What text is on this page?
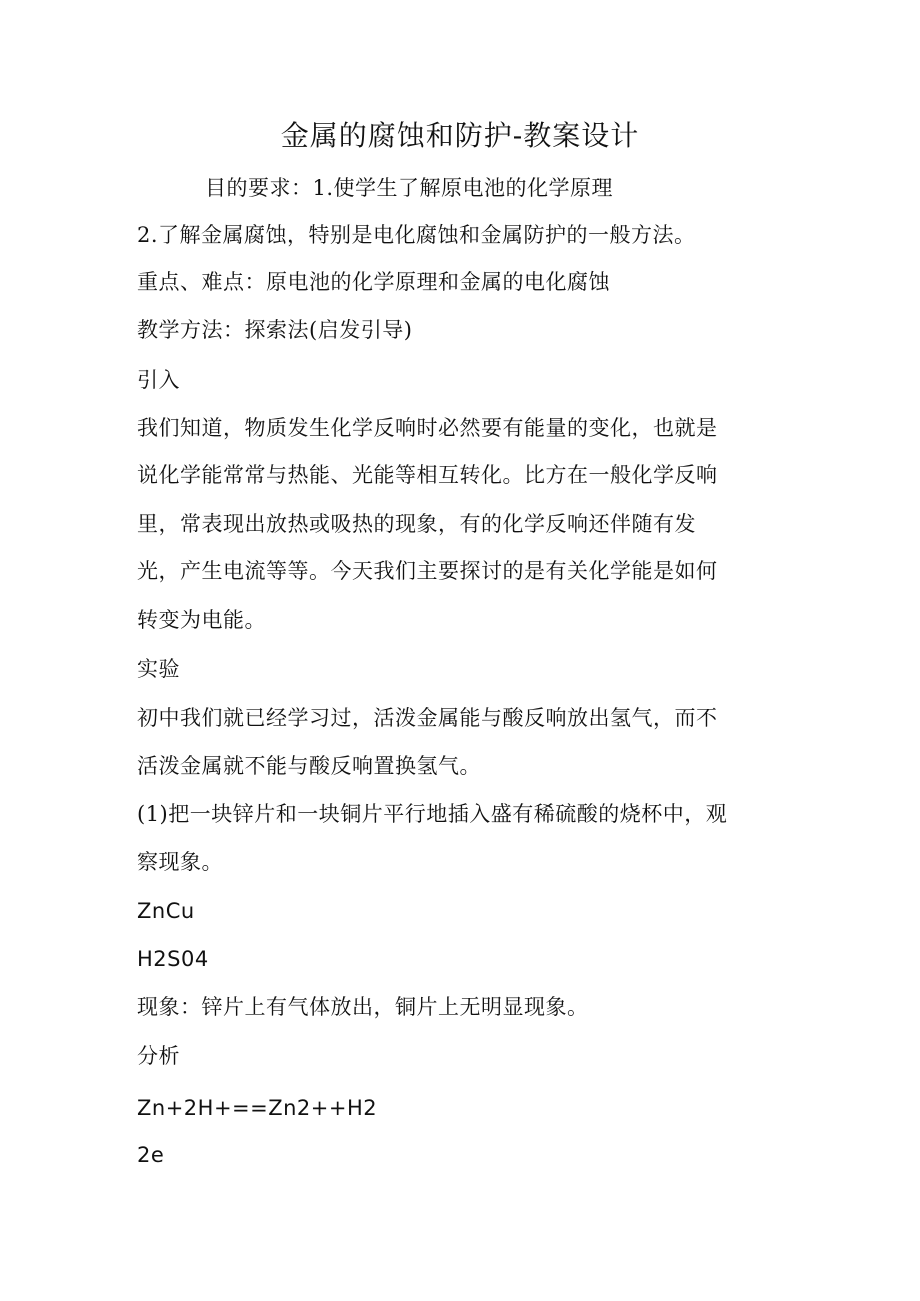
金属的腐蚀和防护-教案设计
目的要求：1.使学生了解原电池的化学原理
2.了解金属腐蚀，特别是电化腐蚀和金属防护的一般方法。
重点、难点：原电池的化学原理和金属的电化腐蚀
教学方法：探索法(启发引导)
引入
我们知道，物质发生化学反响时必然要有能量的变化，也就是
说化学能常常与热能、光能等相互转化。比方在一般化学反响
里，常表现出放热或吸热的现象，有的化学反响还伴随有发
光，产生电流等等。今天我们主要探讨的是有关化学能是如何
转变为电能。
实验
初中我们就已经学习过，活泼金属能与酸反响放出氢气，而不
活泼金属就不能与酸反响置换氢气。
(1)把一块锌片和一块铜片平行地插入盛有稀硫酸的烧杯中，观
察现象。
ZnCu
H2S04
现象：锌片上有气体放出，铜片上无明显现象。
分析
Zn+2H+==Zn2++H2
2e
